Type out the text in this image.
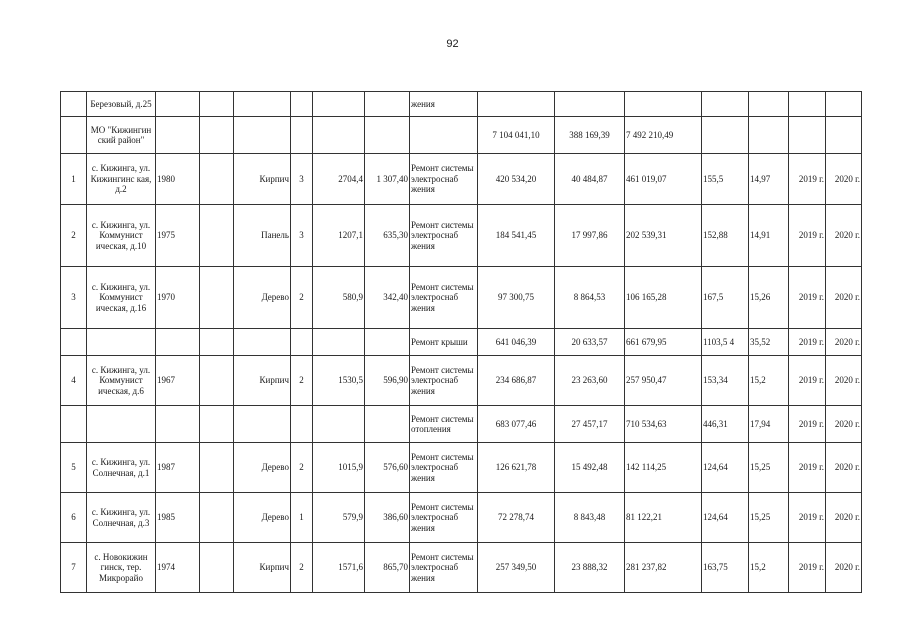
92
	Березовый, д.25							жения							
	МО "Кижингин ский район"								7 104 041,10	388 169,39	7 492 210,49				
1	с. Кижинга, ул. Кижингинс кая, д.2	1980		Кирпич	3	2704,4	1 307,40	Ремонт системы электроснаб жения	420 534,20	40 484,87	461 019,07	155,5	14,97	2019 г.	2020 г.
2	с. Кижинга, ул. Коммунист ическая, д.10	1975		Панель	3	1207,1	635,30	Ремонт системы электроснаб жения	184 541,45	17 997,86	202 539,31	152,88	14,91	2019 г.	2020 г.
3	с. Кижинга, ул. Коммунист ическая, д.16	1970		Дерево	2	580,9	342,40	Ремонт системы электроснаб жения	97 300,75	8 864,53	106 165,28	167,5	15,26	2019 г.	2020 г.
								Ремонт крыши	641 046,39	20 633,57	661 679,95	1103,5 4	35,52	2019 г.	2020 г.
4	с. Кижинга, ул. Коммунист ическая, д.6	1967		Кирпич	2	1530,5	596,90	Ремонт системы электроснаб жения	234 686,87	23 263,60	257 950,47	153,34	15,2	2019 г.	2020 г.
								Ремонт системы отопления	683 077,46	27 457,17	710 534,63	446,31	17,94	2019 г.	2020 г.
5	с. Кижинга, ул. Солнечная, д.1	1987		Дерево	2	1015,9	576,60	Ремонт системы электроснаб жения	126 621,78	15 492,48	142 114,25	124,64	15,25	2019 г.	2020 г.
6	с. Кижинга, ул. Солнечная, д.3	1985		Дерево	1	579,9	386,60	Ремонт системы электроснаб жения	72 278,74	8 843,48	81 122,21	124,64	15,25	2019 г.	2020 г.
7	с. Новокижин гинск, тер. Микрорайо	1974		Кирпич	2	1571,6	865,70	Ремонт системы электроснаб жения	257 349,50	23 888,32	281 237,82	163,75	15,2	2019 г.	2020 г.
